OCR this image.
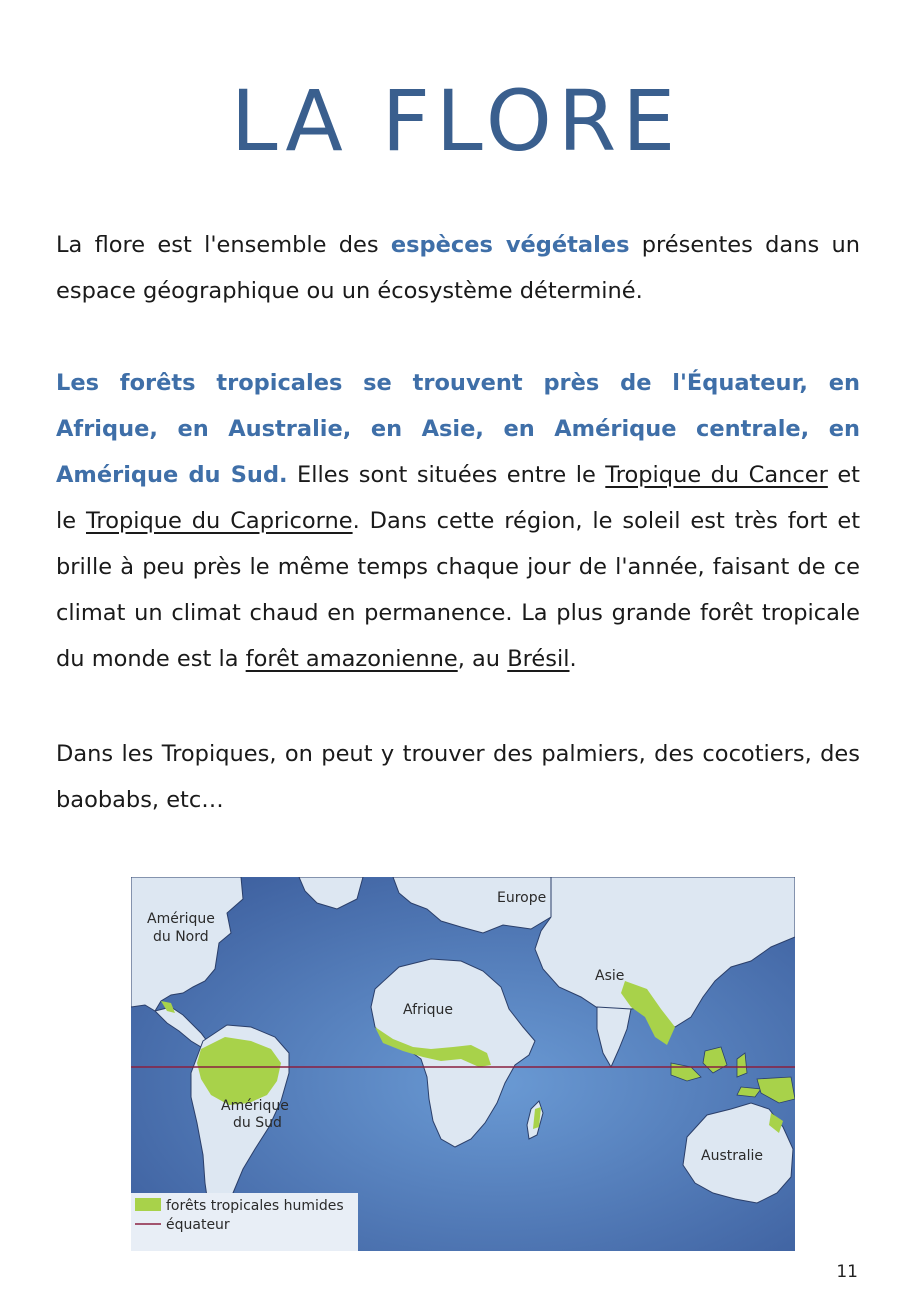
LA FLORE

La flore est l'ensemble des espèces végétales présentes dans un espace géographique ou un écosystème déterminé.

Les forêts tropicales se trouvent près de l'Équateur, en Afrique, en Australie, en Asie, en Amérique centrale, en Amérique du Sud. Elles sont situées entre le Tropique du Cancer et le Tropique du Capricorne. Dans cette région, le soleil est très fort et brille à peu près le même temps chaque jour de l'année, faisant de ce climat un climat chaud en permanence. La plus grande forêt tropicale du monde est la forêt amazonienne, au Brésil.

Dans les Tropiques, on peut y trouver des palmiers, des cocotiers, des baobabs, etc…

Amérique
du Nord
Europe
Asie
Afrique
Amérique
du Sud
Australie
forêts tropicales humides
équateur
11
